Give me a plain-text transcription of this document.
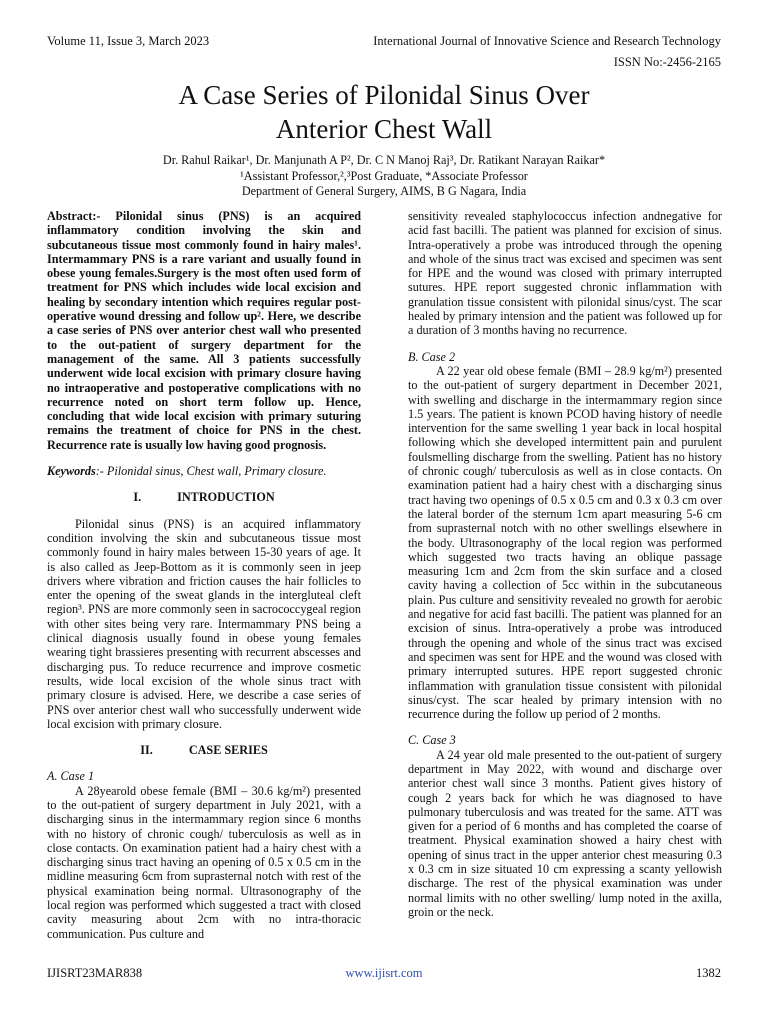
Volume 11, Issue 3, March 2023	International Journal of Innovative Science and Research Technology
ISSN No:-2456-2165
A Case Series of Pilonidal Sinus Over
Anterior Chest Wall
Dr. Rahul Raikar¹, Dr. Manjunath A P², Dr. C N Manoj Raj³, Dr. Ratikant Narayan Raikar*
¹Assistant Professor,²,³Post Graduate, *Associate Professor
Department of General Surgery, AIMS, B G Nagara, India

Abstract:- Pilonidal sinus (PNS) is an acquired inflammatory condition involving the skin and subcutaneous tissue most commonly found in hairy males¹. Intermammary PNS is a rare variant and usually found in obese young females.Surgery is the most often used form of treatment for PNS which includes wide local excision and healing by secondary intention which requires regular post-operative wound dressing and follow up². Here, we describe a case series of PNS over anterior chest wall who presented to the out-patient of surgery department for the management of the same. All 3 patients successfully underwent wide local excision with primary closure having no intraoperative and postoperative complications with no recurrence noted on short term follow up. Hence, concluding that wide local excision with primary suturing remains the treatment of choice for PNS in the chest. Recurrence rate is usually low having good prognosis.

Keywords:- Pilonidal sinus, Chest wall, Primary closure.

I.	INTRODUCTION

Pilonidal sinus (PNS) is an acquired inflammatory condition involving the skin and subcutaneous tissue most commonly found in hairy males between 15-30 years of age. It is also called as Jeep-Bottom as it is commonly seen in jeep drivers where vibration and friction causes the hair follicles to enter the opening of the sweat glands in the intergluteal cleft region³. PNS are more commonly seen in sacrococcygeal region with other sites being very rare. Intermammary PNS being a clinical diagnosis usually found in obese young females wearing tight brassieres presenting with recurrent abscesses and discharging pus. To reduce recurrence and improve cosmetic results, wide local excision of the whole sinus tract with primary closure is advised. Here, we describe a case series of PNS over anterior chest wall who successfully underwent wide local excision with primary closure.

II.	CASE SERIES

A. Case 1

A 28yearold obese female (BMI – 30.6 kg/m²) presented to the out-patient of surgery department in July 2021, with a discharging sinus in the intermammary region since 6 months with no history of chronic cough/ tuberculosis as well as in close contacts. On examination patient had a hairy chest with a discharging sinus tract having an opening of 0.5 x 0.5 cm in the midline measuring 6cm from suprasternal notch with rest of the physical examination being normal. Ultrasonography of the local region was performed which suggested a tract with closed cavity measuring about 2cm with no intra-thoracic communication. Pus culture and

sensitivity revealed staphylococcus infection andnegative for acid fast bacilli. The patient was planned for excision of sinus. Intra-operatively a probe was introduced through the opening and whole of the sinus tract was excised and specimen was sent for HPE and the wound was closed with primary interrupted sutures. HPE report suggested chronic inflammation with granulation tissue consistent with pilonidal sinus/cyst. The scar healed by primary intension and the patient was followed up for a duration of 3 months having no recurrence.

B. Case 2

A 22 year old obese female (BMI – 28.9 kg/m²) presented to the out-patient of surgery department in December 2021, with swelling and discharge in the intermammary region since 1.5 years. The patient is known PCOD having history of needle intervention for the same swelling 1 year back in local hospital following which she developed intermittent pain and purulent foulsmelling discharge from the swelling. Patient has no history of chronic cough/ tuberculosis as well as in close contacts. On examination patient had a hairy chest with a discharging sinus tract having two openings of 0.5 x 0.5 cm and 0.3 x 0.3 cm over the lateral border of the sternum 1cm apart measuring 5-6 cm from suprasternal notch with no other swellings elsewhere in the body. Ultrasonography of the local region was performed which suggested two tracts having an oblique passage measuring 1cm and 2cm from the skin surface and a closed cavity having a collection of 5cc within in the subcutaneous plain. Pus culture and sensitivity revealed no growth for aerobic and negative for acid fast bacilli. The patient was planned for an excision of sinus. Intra-operatively a probe was introduced through the opening and whole of the sinus tract was excised and specimen was sent for HPE and the wound was closed with primary interrupted sutures. HPE report suggested chronic inflammation with granulation tissue consistent with pilonidal sinus/cyst. The scar healed by primary intension with no recurrence during the follow up period of 2 months.

C. Case 3

A 24 year old male presented to the out-patient of surgery department in May 2022, with wound and discharge over anterior chest wall since 3 months. Patient gives history of cough 2 years back for which he was diagnosed to have pulmonary tuberculosis and was treated for the same. ATT was given for a period of 6 months and has completed the coarse of treatment. Physical examination showed a hairy chest with opening of sinus tract in the upper anterior chest measuring 0.3 x 0.3 cm in size situated 10 cm expressing a scanty yellowish discharge. The rest of the physical examination was under normal limits with no other swelling/ lump noted in the axilla, groin or the neck.

IJISRT23MAR838	www.ijisrt.com	1382
